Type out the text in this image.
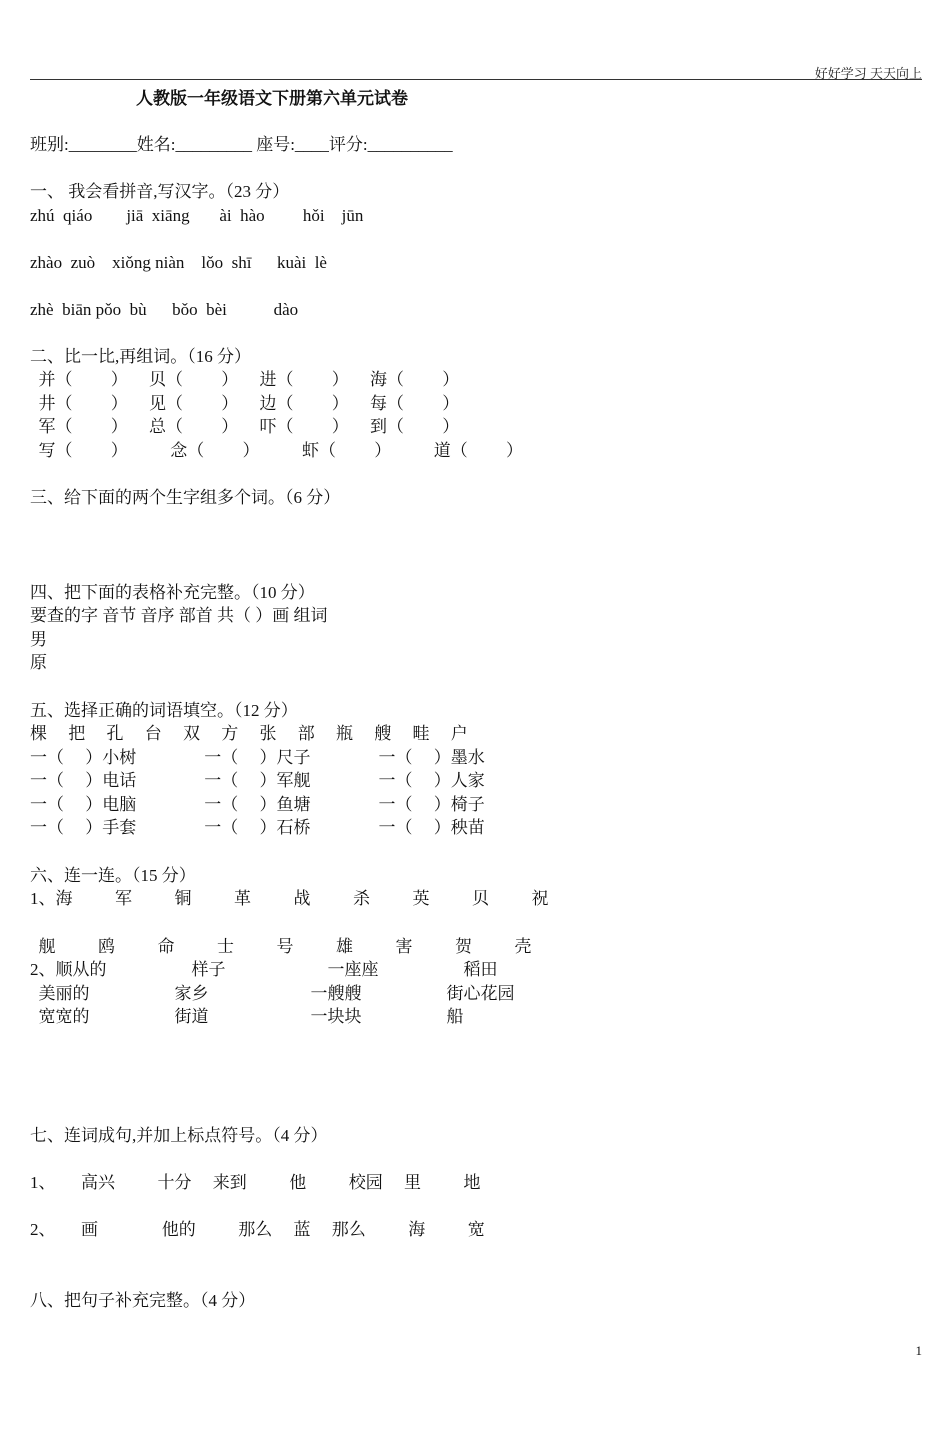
好好学习 天天向上
人教版一年级语文下册第六单元试卷
班别:________姓名:_________ 座号:____评分:__________
一、 我会看拼音,写汉字。（23 分）
zhú  qiáo        jiā  xiāng       ài  hào         hǒi    jūn
zhào  zuò    xiǒng niàn    lǒo  shī      kuài  lè
zhè  biān pǒo  bù      bǒo  bèi           dào
二、比一比,再组词。（16 分）
并（         ）     贝（         ）     进（         ）     海（         ）
井（         ）     见（         ）     边（         ）     每（         ）
军（         ）     总（         ）     吓（         ）     到（         ）
写（         ）          念（         ）          虾（         ）          道（         ）
三、给下面的两个生字组多个词。（6 分）
四、把下面的表格补充完整。（10 分）
要查的字 音节 音序 部首 共（ ）画 组词
男
原
五、选择正确的词语填空。（12 分）
棵     把     孔     台     双     方     张     部     瓶     艘     畦     户
一（     ）小树                一（     ）尺子                一（     ）墨水
一（     ）电话                一（     ）军舰                一（     ）人家
一（     ）电脑                一（     ）鱼塘                一（     ）椅子
一（     ）手套                一（     ）石桥                一（     ）秧苗
六、连一连。（15 分）
1、海          军          铜          革          战          杀          英          贝          祝
舰          鸥          命          士          号          雄          害          贺          壳
2、顺从的                    样子                        一座座                    稻田
美丽的                    家乡                        一艘艘                    街心花园
宽宽的                    街道                        一块块                    船
七、连词成句,并加上标点符号。（4 分）
1、      高兴          十分     来到          他          校园     里          地
2、      画               他的          那么     蓝     那么          海          宽
八、把句子补充完整。（4 分）
1
